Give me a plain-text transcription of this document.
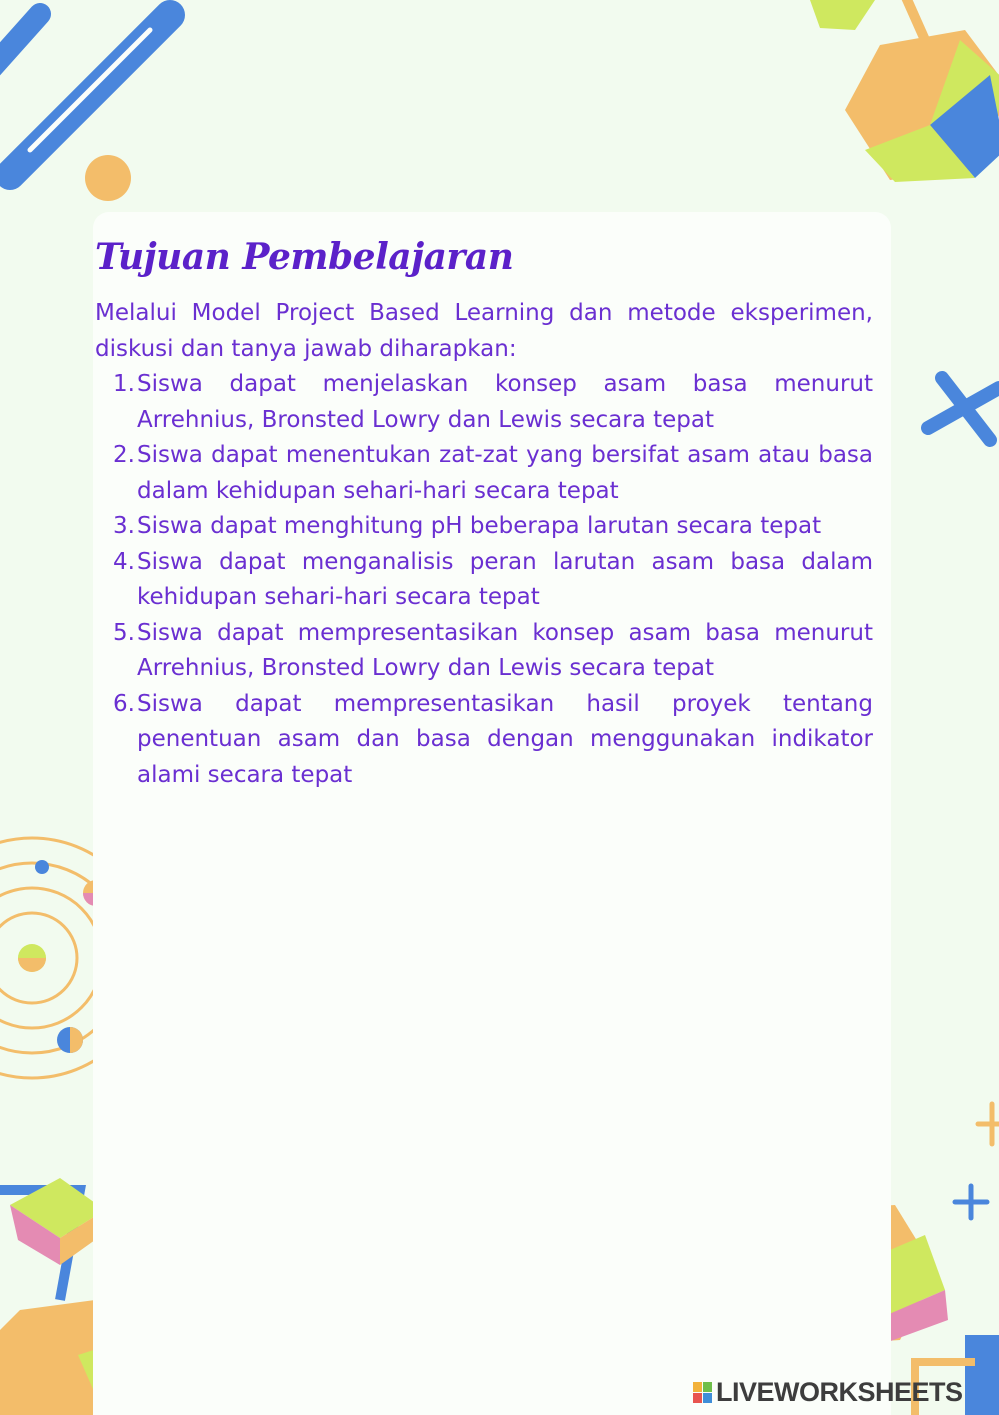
Tujuan Pembelajaran

Melalui Model Project Based Learning dan metode eksperimen, diskusi dan tanya jawab diharapkan:

1. Siswa dapat menjelaskan konsep asam basa menurut Arrehnius, Bronsted Lowry dan Lewis secara tepat
2. Siswa dapat menentukan zat-zat yang bersifat asam atau basa dalam kehidupan sehari-hari secara tepat
3. Siswa dapat menghitung pH beberapa larutan secara tepat
4. Siswa dapat menganalisis peran larutan asam basa dalam kehidupan sehari-hari secara tepat
5. Siswa dapat mempresentasikan konsep asam basa menurut Arrehnius, Bronsted Lowry dan Lewis secara tepat
6. Siswa dapat mempresentasikan hasil proyek tentang penentuan asam dan basa dengan menggunakan indikator alami secara tepat
LIVEWORKSHEETS
